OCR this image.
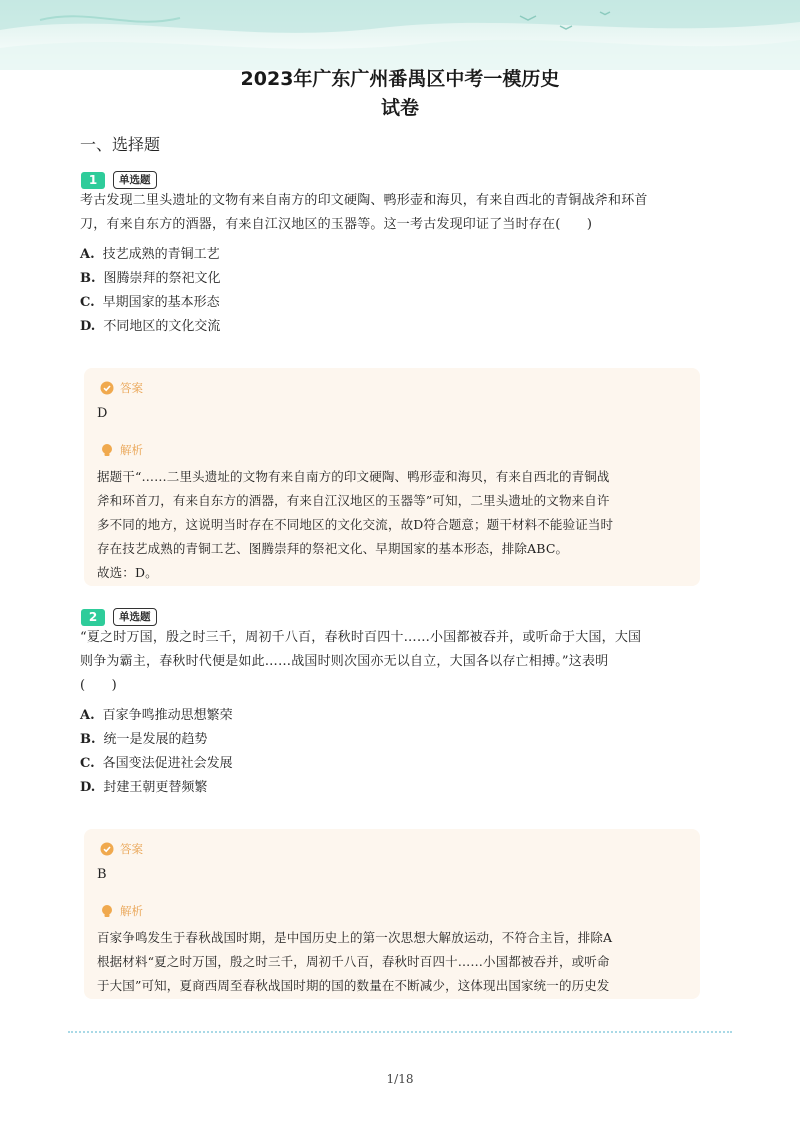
2023年广东广州番禺区中考一模历史
试卷
一、选择题
1	单选题
考古发现二里头遗址的文物有来自南方的印文硬陶、鸭形壶和海贝，有来自西北的青铜战斧和环首
刀，有来自东方的酒器，有来自江汉地区的玉器等。这一考古发现印证了当时存在(　　)
A. 技艺成熟的青铜工艺
B. 图腾崇拜的祭祀文化
C. 早期国家的基本形态
D. 不同地区的文化交流
答案
D
解析
据题干“……二里头遗址的文物有来自南方的印文硬陶、鸭形壶和海贝，有来自西北的青铜战
斧和环首刀，有来自东方的酒器，有来自江汉地区的玉器等”可知，二里头遗址的文物来自许
多不同的地方，这说明当时存在不同地区的文化交流，故D符合题意；题干材料不能验证当时
存在技艺成熟的青铜工艺、图腾崇拜的祭祀文化、早期国家的基本形态，排除ABC。
故选：D。
2	单选题
“夏之时万国，殷之时三千，周初千八百，春秋时百四十……小国都被吞并，或听命于大国，大国
则争为霸主，春秋时代便是如此……战国时则次国亦无以自立，大国各以存亡相搏。”这表明
(　　)
A. 百家争鸣推动思想繁荣
B. 统一是发展的趋势
C. 各国变法促进社会发展
D. 封建王朝更替频繁
答案
B
解析
百家争鸣发生于春秋战国时期，是中国历史上的第一次思想大解放运动，不符合主旨，排除A
根据材料“夏之时万国，殷之时三千，周初千八百，春秋时百四十……小国都被吞并，或听命
于大国”可知，夏商西周至春秋战国时期的国的数量在不断减少，这体现出国家统一的历史发
1/18
